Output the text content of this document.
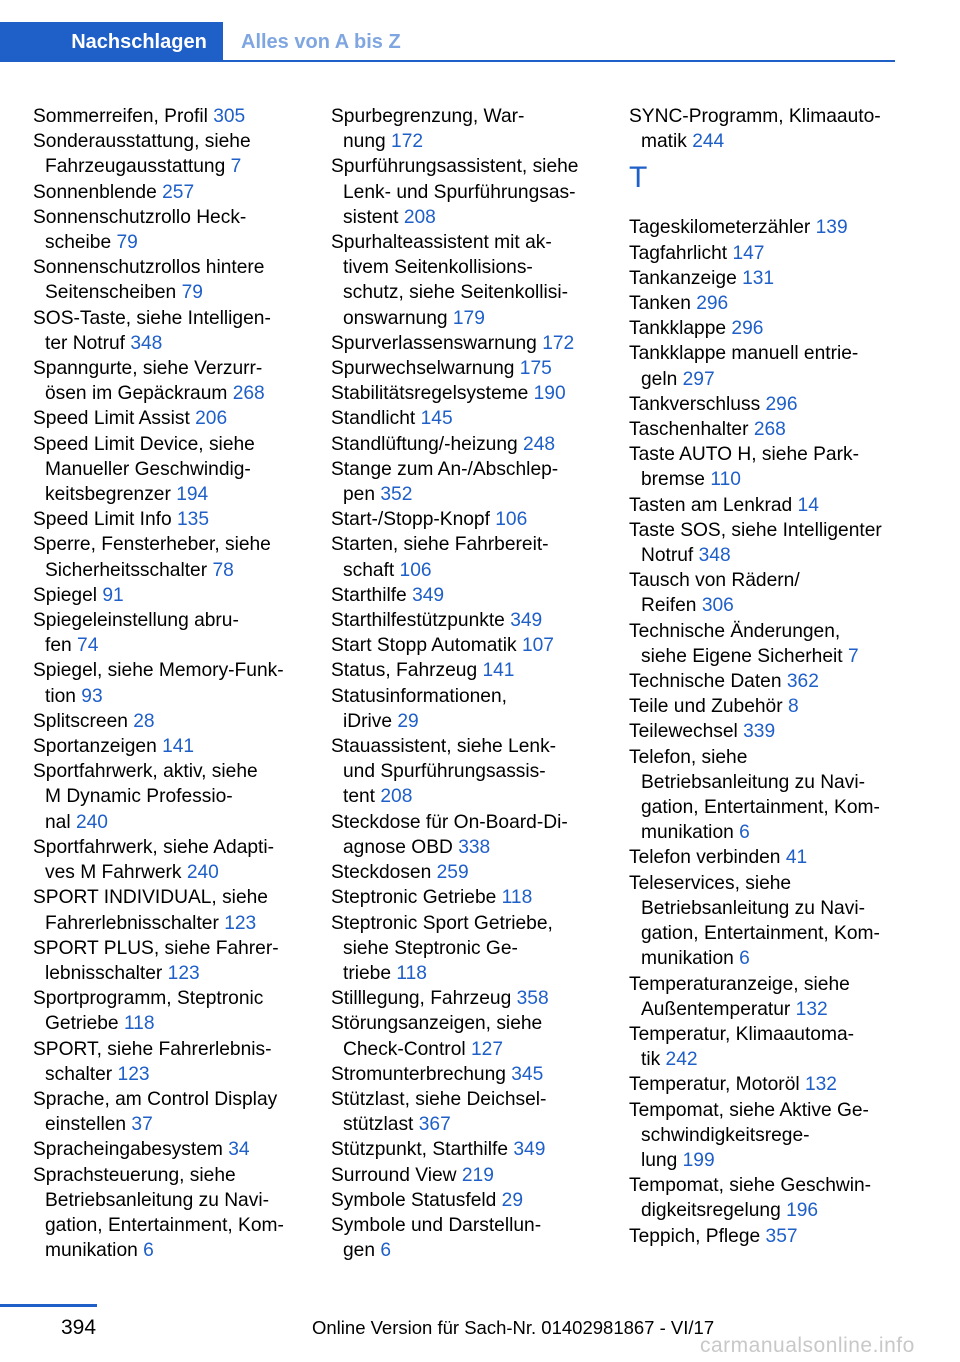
Nachschlagen	Alles von A bis Z
Sommerreifen, Profil 305
Sonderausstattung, siehe
Fahrzeugausstattung 7
Sonnenblende 257
Sonnenschutzrollo Heck-
scheibe 79
Sonnenschutzrollos hintere
Seitenscheiben 79
SOS-Taste, siehe Intelligen-
ter Notruf 348
Spanngurte, siehe Verzurr-
ösen im Gepäckraum 268
Speed Limit Assist 206
Speed Limit Device, siehe
Manueller Geschwindig-
keitsbegrenzer 194
Speed Limit Info 135
Sperre, Fensterheber, siehe
Sicherheitsschalter 78
Spiegel 91
Spiegeleinstellung abru-
fen 74
Spiegel, siehe Memory-Funk-
tion 93
Splitscreen 28
Sportanzeigen 141
Sportfahrwerk, aktiv, siehe
M Dynamic Professio-
nal 240
Sportfahrwerk, siehe Adapti-
ves M Fahrwerk 240
SPORT INDIVIDUAL, siehe
Fahrerlebnisschalter 123
SPORT PLUS, siehe Fahrer-
lebnisschalter 123
Sportprogramm, Steptronic
Getriebe 118
SPORT, siehe Fahrerlebnis-
schalter 123
Sprache, am Control Display
einstellen 37
Spracheingabesystem 34
Sprachsteuerung, siehe
Betriebsanleitung zu Navi-
gation, Entertainment, Kom-
munikation 6
Spurbegrenzung, War-
nung 172
Spurführungsassistent, siehe
Lenk- und Spurführungsas-
sistent 208
Spurhalteassistent mit ak-
tivem Seitenkollisions-
schutz, siehe Seitenkollisi-
onswarnung 179
Spurverlassenswarnung 172
Spurwechselwarnung 175
Stabilitätsregelsysteme 190
Standlicht 145
Standlüftung/-heizung 248
Stange zum An-/Abschlep-
pen 352
Start-/Stopp-Knopf 106
Starten, siehe Fahrbereit-
schaft 106
Starthilfe 349
Starthilfestützpunkte 349
Start Stopp Automatik 107
Status, Fahrzeug 141
Statusinformationen,
iDrive 29
Stauassistent, siehe Lenk-
und Spurführungsassis-
tent 208
Steckdose für On-Board-Di-
agnose OBD 338
Steckdosen 259
Steptronic Getriebe 118
Steptronic Sport Getriebe,
siehe Steptronic Ge-
triebe 118
Stilllegung, Fahrzeug 358
Störungsanzeigen, siehe
Check-Control 127
Stromunterbrechung 345
Stützlast, siehe Deichsel-
stützlast 367
Stützpunkt, Starthilfe 349
Surround View 219
Symbole Statusfeld 29
Symbole und Darstellun-
gen 6
SYNC-Programm, Klimaauto-
matik 244
T
Tageskilometerzähler 139
Tagfahrlicht 147
Tankanzeige 131
Tanken 296
Tankklappe 296
Tankklappe manuell entrie-
geln 297
Tankverschluss 296
Taschenhalter 268
Taste AUTO H, siehe Park-
bremse 110
Tasten am Lenkrad 14
Taste SOS, siehe Intelligenter
Notruf 348
Tausch von Rädern/
Reifen 306
Technische Änderungen,
siehe Eigene Sicherheit 7
Technische Daten 362
Teile und Zubehör 8
Teilewechsel 339
Telefon, siehe
Betriebsanleitung zu Navi-
gation, Entertainment, Kom-
munikation 6
Telefon verbinden 41
Teleservices, siehe
Betriebsanleitung zu Navi-
gation, Entertainment, Kom-
munikation 6
Temperaturanzeige, siehe
Außentemperatur 132
Temperatur, Klimaautoma-
tik 242
Temperatur, Motoröl 132
Tempomat, siehe Aktive Ge-
schwindigkeitsrege-
lung 199
Tempomat, siehe Geschwin-
digkeitsregelung 196
Teppich, Pflege 357
394	Online Version für Sach-Nr. 01402981867 - VI/17
carmanualsonline.info
